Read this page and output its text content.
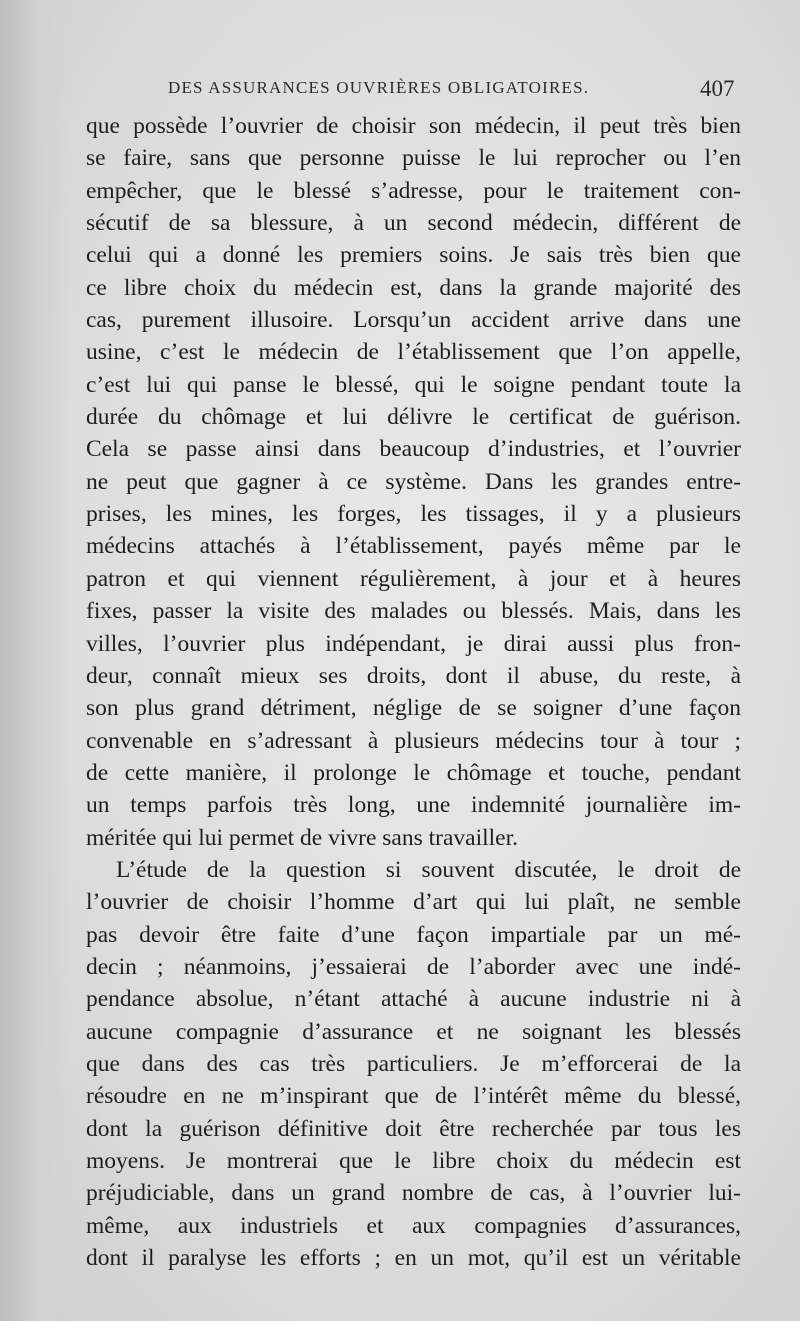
DES ASSURANCES OUVRIÈRES OBLIGATOIRES.	407
que possède l’ouvrier de choisir son médecin, il peut très bien
se faire, sans que personne puisse le lui reprocher ou l’en
empêcher, que le blessé s’adresse, pour le traitement con-
sécutif de sa blessure, à un second médecin, différent de
celui qui a donné les premiers soins. Je sais très bien que
ce libre choix du médecin est, dans la grande majorité des
cas, purement illusoire. Lorsqu’un accident arrive dans une
usine, c’est le médecin de l’établissement que l’on appelle,
c’est lui qui panse le blessé, qui le soigne pendant toute la
durée du chômage et lui délivre le certificat de guérison.
Cela se passe ainsi dans beaucoup d’industries, et l’ouvrier
ne peut que gagner à ce système. Dans les grandes entre-
prises, les mines, les forges, les tissages, il y a plusieurs
médecins attachés à l’établissement, payés même par le
patron et qui viennent régulièrement, à jour et à heures
fixes, passer la visite des malades ou blessés. Mais, dans les
villes, l’ouvrier plus indépendant, je dirai aussi plus fron-
deur, connaît mieux ses droits, dont il abuse, du reste, à
son plus grand détriment, néglige de se soigner d’une façon
convenable en s’adressant à plusieurs médecins tour à tour ;
de cette manière, il prolonge le chômage et touche, pendant
un temps parfois très long, une indemnité journalière im-
méritée qui lui permet de vivre sans travailler.
L’étude de la question si souvent discutée, le droit de
l’ouvrier de choisir l’homme d’art qui lui plaît, ne semble
pas devoir être faite d’une façon impartiale par un mé-
decin ; néanmoins, j’essaierai de l’aborder avec une indé-
pendance absolue, n’étant attaché à aucune industrie ni à
aucune compagnie d’assurance et ne soignant les blessés
que dans des cas très particuliers. Je m’efforcerai de la
résoudre en ne m’inspirant que de l’intérêt même du blessé,
dont la guérison définitive doit être recherchée par tous les
moyens. Je montrerai que le libre choix du médecin est
préjudiciable, dans un grand nombre de cas, à l’ouvrier lui-
même, aux industriels et aux compagnies d’assurances,
dont il paralyse les efforts ; en un mot, qu’il est un véritable
